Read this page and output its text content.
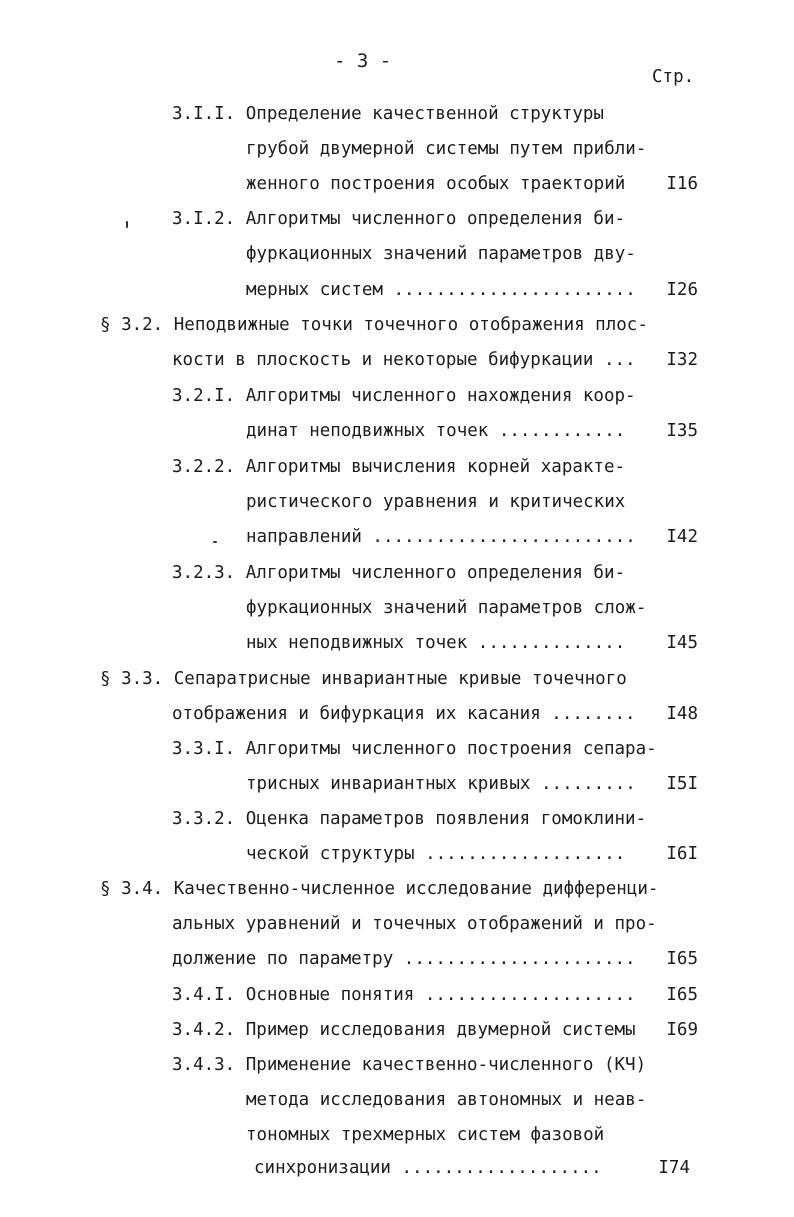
- 3 -
Стр.
3.I.I. Определение качественной структуры
грубой двумерной системы путем прибли-
женного построения особых траекторий	I16
3.I.2. Алгоритмы численного определения би-
фуркационных значений параметров дву-
мерных систем .......................	I26
§ 3.2. Неподвижные точки точечного отображения плос-
кости в плоскость и некоторые бифуркации ...	I32
3.2.I. Алгоритмы численного нахождения коор-
динат неподвижных точек ............	I35
3.2.2. Алгоритмы вычисления корней характе-
ристического уравнения и критических
направлений .........................	I42
3.2.3. Алгоритмы численного определения би-
фуркационных значений параметров слож-
ных неподвижных точек ..............	I45
§ 3.3. Сепаратрисные инвариантные кривые точечного
отображения и бифуркация их касания ........	I48
3.3.I. Алгоритмы численного построения сепара-
трисных инвариантных кривых .........	I5I
3.3.2. Оценка параметров появления гомоклини-
ческой структуры ...................	I6I
§ 3.4. Качественно-численное исследование дифференци-
альных уравнений и точечных отображений и про-
должение по параметру ......................	I65
3.4.I. Основные понятия ....................	I65
3.4.2. Пример исследования двумерной системы	I69
3.4.3. Применение качественно-численного (КЧ)
метода исследования автономных и неав-
тономных трехмерных систем фазовой
синхронизации ...................	I74
